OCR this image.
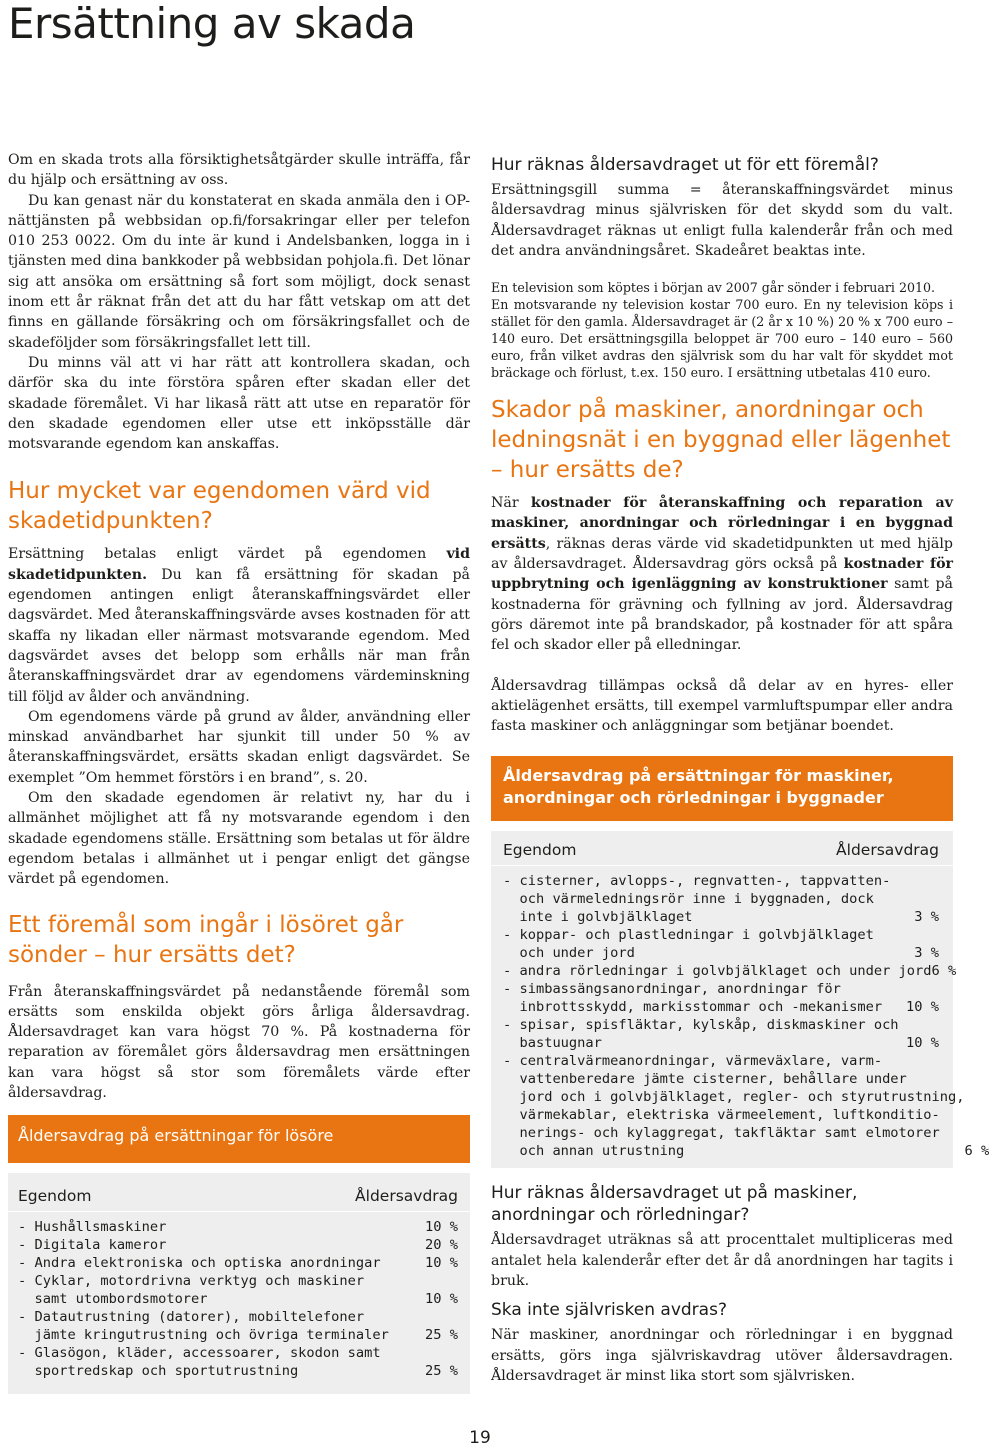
Ersättning av skada

Om en skada trots alla försiktighetsåtgärder skulle inträffa, får du hjälp och ersättning av oss.

Du kan genast när du konstaterat en skada anmäla den i OP-nättjänsten på webbsidan op.fi/forsakringar eller per telefon 010 253 0022. Om du inte är kund i Andelsbanken, logga in i tjänsten med dina bankkoder på webbsidan pohjola.fi. Det lönar sig att ansöka om ersättning så fort som möjligt, dock senast inom ett år räknat från det att du har fått vetskap om att det finns en gällande försäkring och om försäkringsfallet och de skadeföljder som försäkringsfallet lett till.

Du minns väl att vi har rätt att kontrollera skadan, och därför ska du inte förstöra spåren efter skadan eller det skadade föremålet. Vi har likaså rätt att utse en reparatör för den skadade egendomen eller utse ett inköpsställe där motsvarande egendom kan anskaffas.

Hur mycket var egendomen värd vid skadetidpunkten?

Ersättning betalas enligt värdet på egendomen vid skadetidpunkten. Du kan få ersättning för skadan på egendomen antingen enligt återanskaffningsvärdet eller dagsvärdet. Med återanskaffningsvärde avses kostnaden för att skaffa ny likadan eller närmast motsvarande egendom. Med dagsvärdet avses det belopp som erhålls när man från återanskaffningsvärdet drar av egendomens värdeminskning till följd av ålder och användning.

Om egendomens värde på grund av ålder, användning eller minskad användbarhet har sjunkit till under 50 % av återanskaffningsvärdet, ersätts skadan enligt dagsvärdet. Se exemplet ”Om hemmet förstörs i en brand”, s. 20.

Om den skadade egendomen är relativt ny, har du i allmänhet möjlighet att få ny motsvarande egendom i den skadade egendomens ställe. Ersättning som betalas ut för äldre egendom betalas i allmänhet ut i pengar enligt det gängse värdet på egendomen.

Ett föremål som ingår i lösöret går sönder – hur ersätts det?

Från återanskaffningsvärdet på nedanstående föremål som ersätts som enskilda objekt görs årliga åldersavdrag. Åldersavdraget kan vara högst 70 %. På kostnaderna för reparation av föremålet görs åldersavdrag men ersättningen kan vara högst så stor som föremålets värde efter åldersavdrag.

Åldersavdrag på ersättningar för lösöre
Egendom	Åldersavdrag
- Hushållsmaskiner	10 %
- Digitala kameror	20 %
- Andra elektroniska och optiska anordningar	10 %
- Cyklar, motordrivna verktyg och maskiner
samt utombordsmotorer	10 %
- Datautrustning (datorer), mobiltelefoner
jämte kringutrustning och övriga terminaler	25 %
- Glasögon, kläder, accessoarer, skodon samt
sportredskap och sportutrustning	25 %
Hur räknas åldersavdraget ut för ett föremål?

Ersättningsgill summa = återanskaffningsvärdet minus åldersavdrag minus självrisken för det skydd som du valt. Åldersavdraget räknas ut enligt fulla kalenderår från och med det andra användningsåret. Skadeåret beaktas inte.

En television som köptes i början av 2007 går sönder i februari 2010.

En motsvarande ny television kostar 700 euro. En ny television köps i stället för den gamla. Åldersavdraget är (2 år x 10 %) 20 % x 700 euro – 140 euro. Det ersättningsgilla beloppet är 700 euro – 140 euro – 560 euro, från vilket avdras den självrisk som du har valt för skyddet mot bräckage och förlust, t.ex. 150 euro. I ersättning utbetalas 410 euro.

Skador på maskiner, anordningar och ledningsnät i en byggnad eller lägenhet – hur ersätts de?

När kostnader för återanskaffning och reparation av maskiner, anordningar och rörledningar i en byggnad ersätts, räknas deras värde vid skadetidpunkten ut med hjälp av åldersavdraget. Åldersavdrag görs också på kostnader för uppbrytning och igenläggning av konstruktioner samt på kostnaderna för grävning och fyllning av jord. Åldersavdrag görs däremot inte på brandskador, på kostnader för att spåra fel och skador eller på elledningar.

Åldersavdrag tillämpas också då delar av en hyres- eller aktielägenhet ersätts, till exempel varmluftspumpar eller andra fasta maskiner och anläggningar som betjänar boendet.

Åldersavdrag på ersättningar för maskiner, anordningar och rörledningar i byggnader
Egendom	Åldersavdrag
- cisterner, avlopps-, regnvatten-, tappvatten-
och värmeledningsrör inne i byggnaden, dock
inte i golvbjälklaget	3 %
- koppar- och plastledningar i golvbjälklaget
och under jord	3 %
- andra rörledningar i golvbjälklaget och under jord 6 %
- simbassängsanordningar, anordningar för
inbrottsskydd, markisstommar och -mekanismer 10 %
- spisar, spisfläktar, kylskåp, diskmaskiner och
bastuugnar	10 %
- centralvärmeanordningar, värmeväxlare, varm-
vattenberedare jämte cisterner, behållare under
jord och i golvbjälklaget, regler- och styrutrustning,
värmekablar, elektriska värmeelement, luftkonditio-
nerings- och kylaggregat, takfläktar samt elmotorer
och annan utrustning	6 %
Hur räknas åldersavdraget ut på maskiner, anordningar och rörledningar?

Åldersavdraget uträknas så att procenttalet multipliceras med antalet hela kalenderår efter det år då anordningen har tagits i bruk.

Ska inte självrisken avdras?

När maskiner, anordningar och rörledningar i en byggnad ersätts, görs inga självriskavdrag utöver åldersavdragen. Åldersavdraget är minst lika stort som självrisken.

19
